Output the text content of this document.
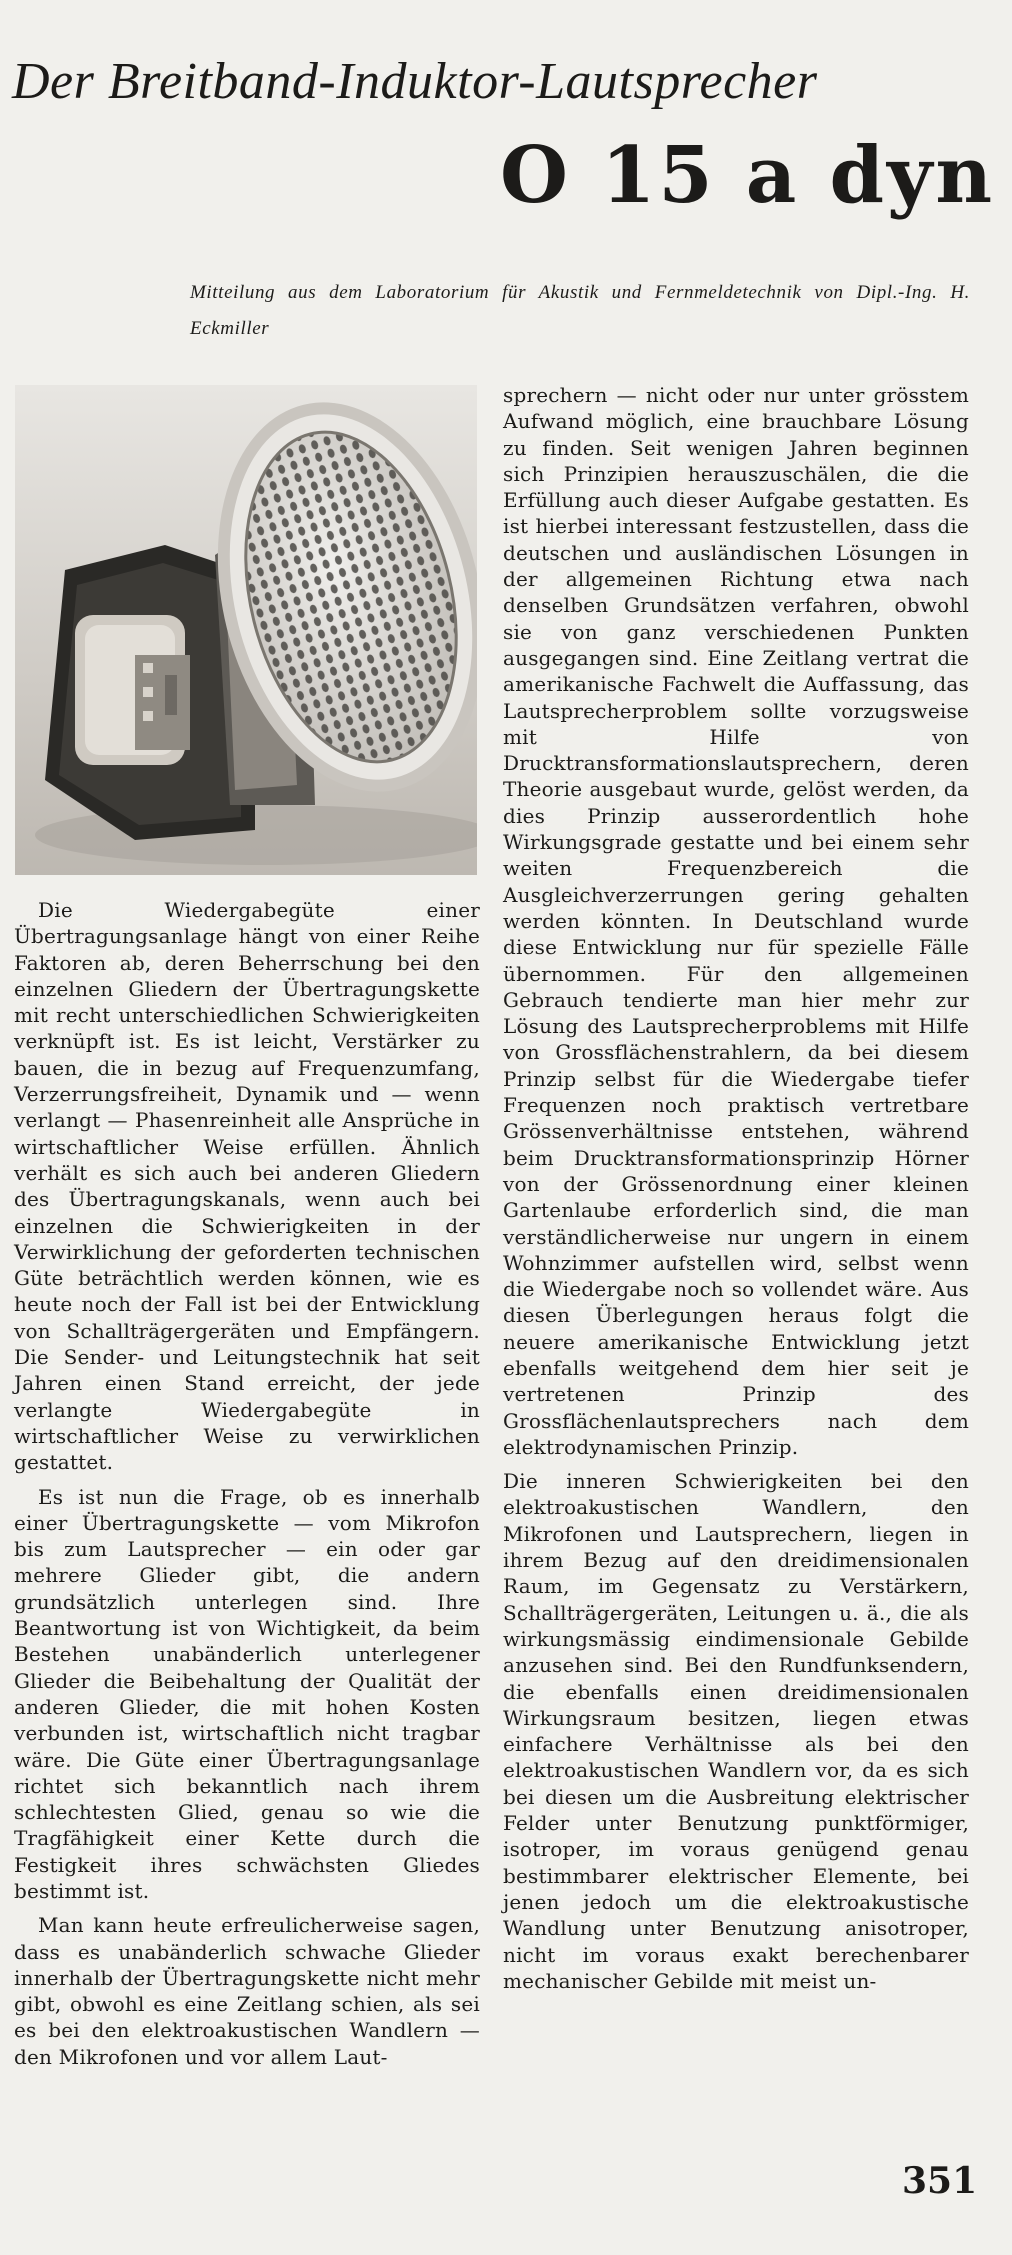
Der Breitband-Induktor-Lautsprecher
O 15 a dyn
Mitteilung aus dem Laboratorium für Akustik und Fernmeldetechnik von Dipl.-Ing. H. Eckmiller

Die Wiedergabegüte einer Übertragungsanlage hängt von einer Reihe Faktoren ab, deren Beherrschung bei den einzelnen Gliedern der Übertragungskette mit recht unterschiedlichen Schwierigkeiten verknüpft ist. Es ist leicht, Verstärker zu bauen, die in bezug auf Frequenzumfang, Verzerrungsfreiheit, Dynamik und — wenn verlangt — Phasenreinheit alle Ansprüche in wirtschaftlicher Weise erfüllen. Ähnlich verhält es sich auch bei anderen Gliedern des Übertragungskanals, wenn auch bei einzelnen die Schwierigkeiten in der Verwirklichung der geforderten technischen Güte beträchtlich werden können, wie es heute noch der Fall ist bei der Entwicklung von Schallträgergeräten und Empfängern. Die Sender- und Leitungstechnik hat seit Jahren einen Stand erreicht, der jede verlangte Wiedergabegüte in wirtschaftlicher Weise zu verwirklichen gestattet.

Es ist nun die Frage, ob es innerhalb einer Übertragungskette — vom Mikrofon bis zum Lautsprecher — ein oder gar mehrere Glieder gibt, die andern grundsätzlich unterlegen sind. Ihre Beantwortung ist von Wichtigkeit, da beim Bestehen unabänderlich unterlegener Glieder die Beibehaltung der Qualität der anderen Glieder, die mit hohen Kosten verbunden ist, wirtschaftlich nicht tragbar wäre. Die Güte einer Übertragungsanlage richtet sich bekanntlich nach ihrem schlechtesten Glied, genau so wie die Tragfähigkeit einer Kette durch die Festigkeit ihres schwächsten Gliedes bestimmt ist.

Man kann heute erfreulicherweise sagen, dass es unabänderlich schwache Glieder innerhalb der Übertragungskette nicht mehr gibt, obwohl es eine Zeitlang schien, als sei es bei den elektroakustischen Wandlern — den Mikrofonen und vor allem Laut-

sprechern — nicht oder nur unter grösstem Aufwand möglich, eine brauchbare Lösung zu finden. Seit wenigen Jahren beginnen sich Prinzipien herauszuschälen, die die Erfüllung auch dieser Aufgabe gestatten. Es ist hierbei interessant festzustellen, dass die deutschen und ausländischen Lösungen in der allgemeinen Richtung etwa nach denselben Grundsätzen verfahren, obwohl sie von ganz verschiedenen Punkten ausgegangen sind. Eine Zeitlang vertrat die amerikanische Fachwelt die Auffassung, das Lautsprecherproblem sollte vorzugsweise mit Hilfe von Drucktransformationslautsprechern, deren Theorie ausgebaut wurde, gelöst werden, da dies Prinzip ausserordentlich hohe Wirkungsgrade gestatte und bei einem sehr weiten Frequenzbereich die Ausgleichverzerrungen gering gehalten werden könnten. In Deutschland wurde diese Entwicklung nur für spezielle Fälle übernommen. Für den allgemeinen Gebrauch tendierte man hier mehr zur Lösung des Lautsprecherproblems mit Hilfe von Grossflächenstrahlern, da bei diesem Prinzip selbst für die Wiedergabe tiefer Frequenzen noch praktisch vertretbare Grössenverhältnisse entstehen, während beim Drucktransformationsprinzip Hörner von der Grössenordnung einer kleinen Gartenlaube erforderlich sind, die man verständlicherweise nur ungern in einem Wohnzimmer aufstellen wird, selbst wenn die Wiedergabe noch so vollendet wäre. Aus diesen Überlegungen heraus folgt die neuere amerikanische Entwicklung jetzt ebenfalls weitgehend dem hier seit je vertretenen Prinzip des Grossflächenlautsprechers nach dem elektrodynamischen Prinzip.

Die inneren Schwierigkeiten bei den elektroakustischen Wandlern, den Mikrofonen und Lautsprechern, liegen in ihrem Bezug auf den dreidimensionalen Raum, im Gegensatz zu Verstärkern, Schallträgergeräten, Leitungen u. ä., die als wirkungsmässig eindimensionale Gebilde anzusehen sind. Bei den Rundfunksendern, die ebenfalls einen dreidimensionalen Wirkungsraum besitzen, liegen etwas einfachere Verhältnisse als bei den elektroakustischen Wandlern vor, da es sich bei diesen um die Ausbreitung elektrischer Felder unter Benutzung punktförmiger, isotroper, im voraus genügend genau bestimmbarer elektrischer Elemente, bei jenen jedoch um die elektroakustische Wandlung unter Benutzung anisotroper, nicht im voraus exakt berechenbarer mechanischer Gebilde mit meist un-

351
